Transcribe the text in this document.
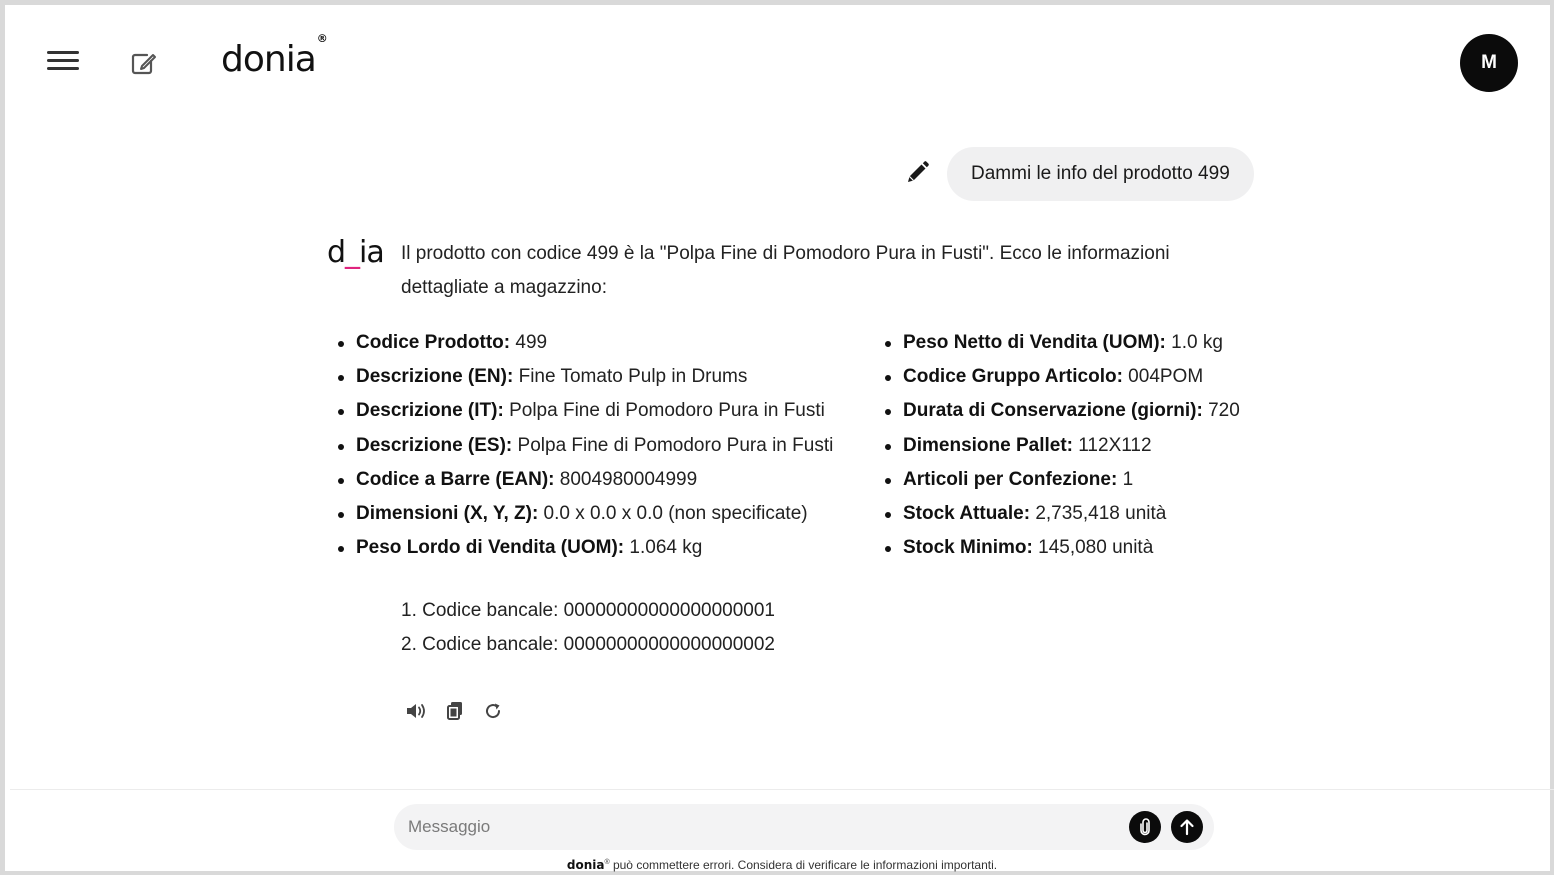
donia®
M
Dammi le info del prodotto 499
d_ia Il prodotto con codice 499 è la "Polpa Fine di Pomodoro Pura in Fusti". Ecco le informazioni dettagliate a magazzino:
Codice Prodotto: 499
Descrizione (EN): Fine Tomato Pulp in Drums
Descrizione (IT): Polpa Fine di Pomodoro Pura in Fusti
Descrizione (ES): Polpa Fine di Pomodoro Pura in Fusti
Codice a Barre (EAN): 8004980004999
Dimensioni (X, Y, Z): 0.0 x 0.0 x 0.0 (non specificate)
Peso Lordo di Vendita (UOM): 1.064 kg
Peso Netto di Vendita (UOM): 1.0 kg
Codice Gruppo Articolo: 004POM
Durata di Conservazione (giorni): 720
Dimensione Pallet: 112X112
Articoli per Confezione: 1
Stock Attuale: 2,735,418 unità
Stock Minimo: 145,080 unità
1. Codice bancale: 00000000000000000001
2. Codice bancale: 00000000000000000002
Messaggio
donia® può commettere errori. Considera di verificare le informazioni importanti.
